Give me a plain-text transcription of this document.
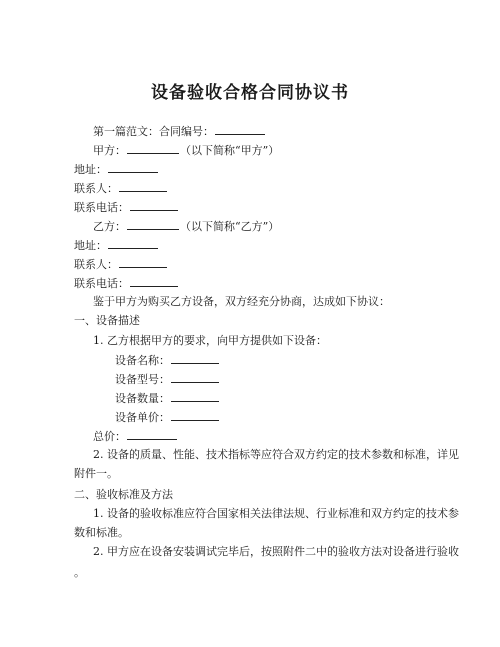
设备验收合格合同协议书
第一篇范文：合同编号：
甲方：	（以下简称“甲方”）
地址：
联系人：
联系电话：
乙方：	（以下简称“乙方”）
地址：
联系人：
联系电话：
鉴于甲方为购买乙方设备，双方经充分协商，达成如下协议：
一、设备描述
1. 乙方根据甲方的要求，向甲方提供如下设备：
设备名称：
设备型号：
设备数量：
设备单价：
总价：
2. 设备的质量、性能、技术指标等应符合双方约定的技术参数和标准，详见
附件一。
二、验收标准及方法
1. 设备的验收标准应符合国家相关法律法规、行业标准和双方约定的技术参
数和标准。
2. 甲方应在设备安装调试完毕后，按照附件二中的验收方法对设备进行验收
。
